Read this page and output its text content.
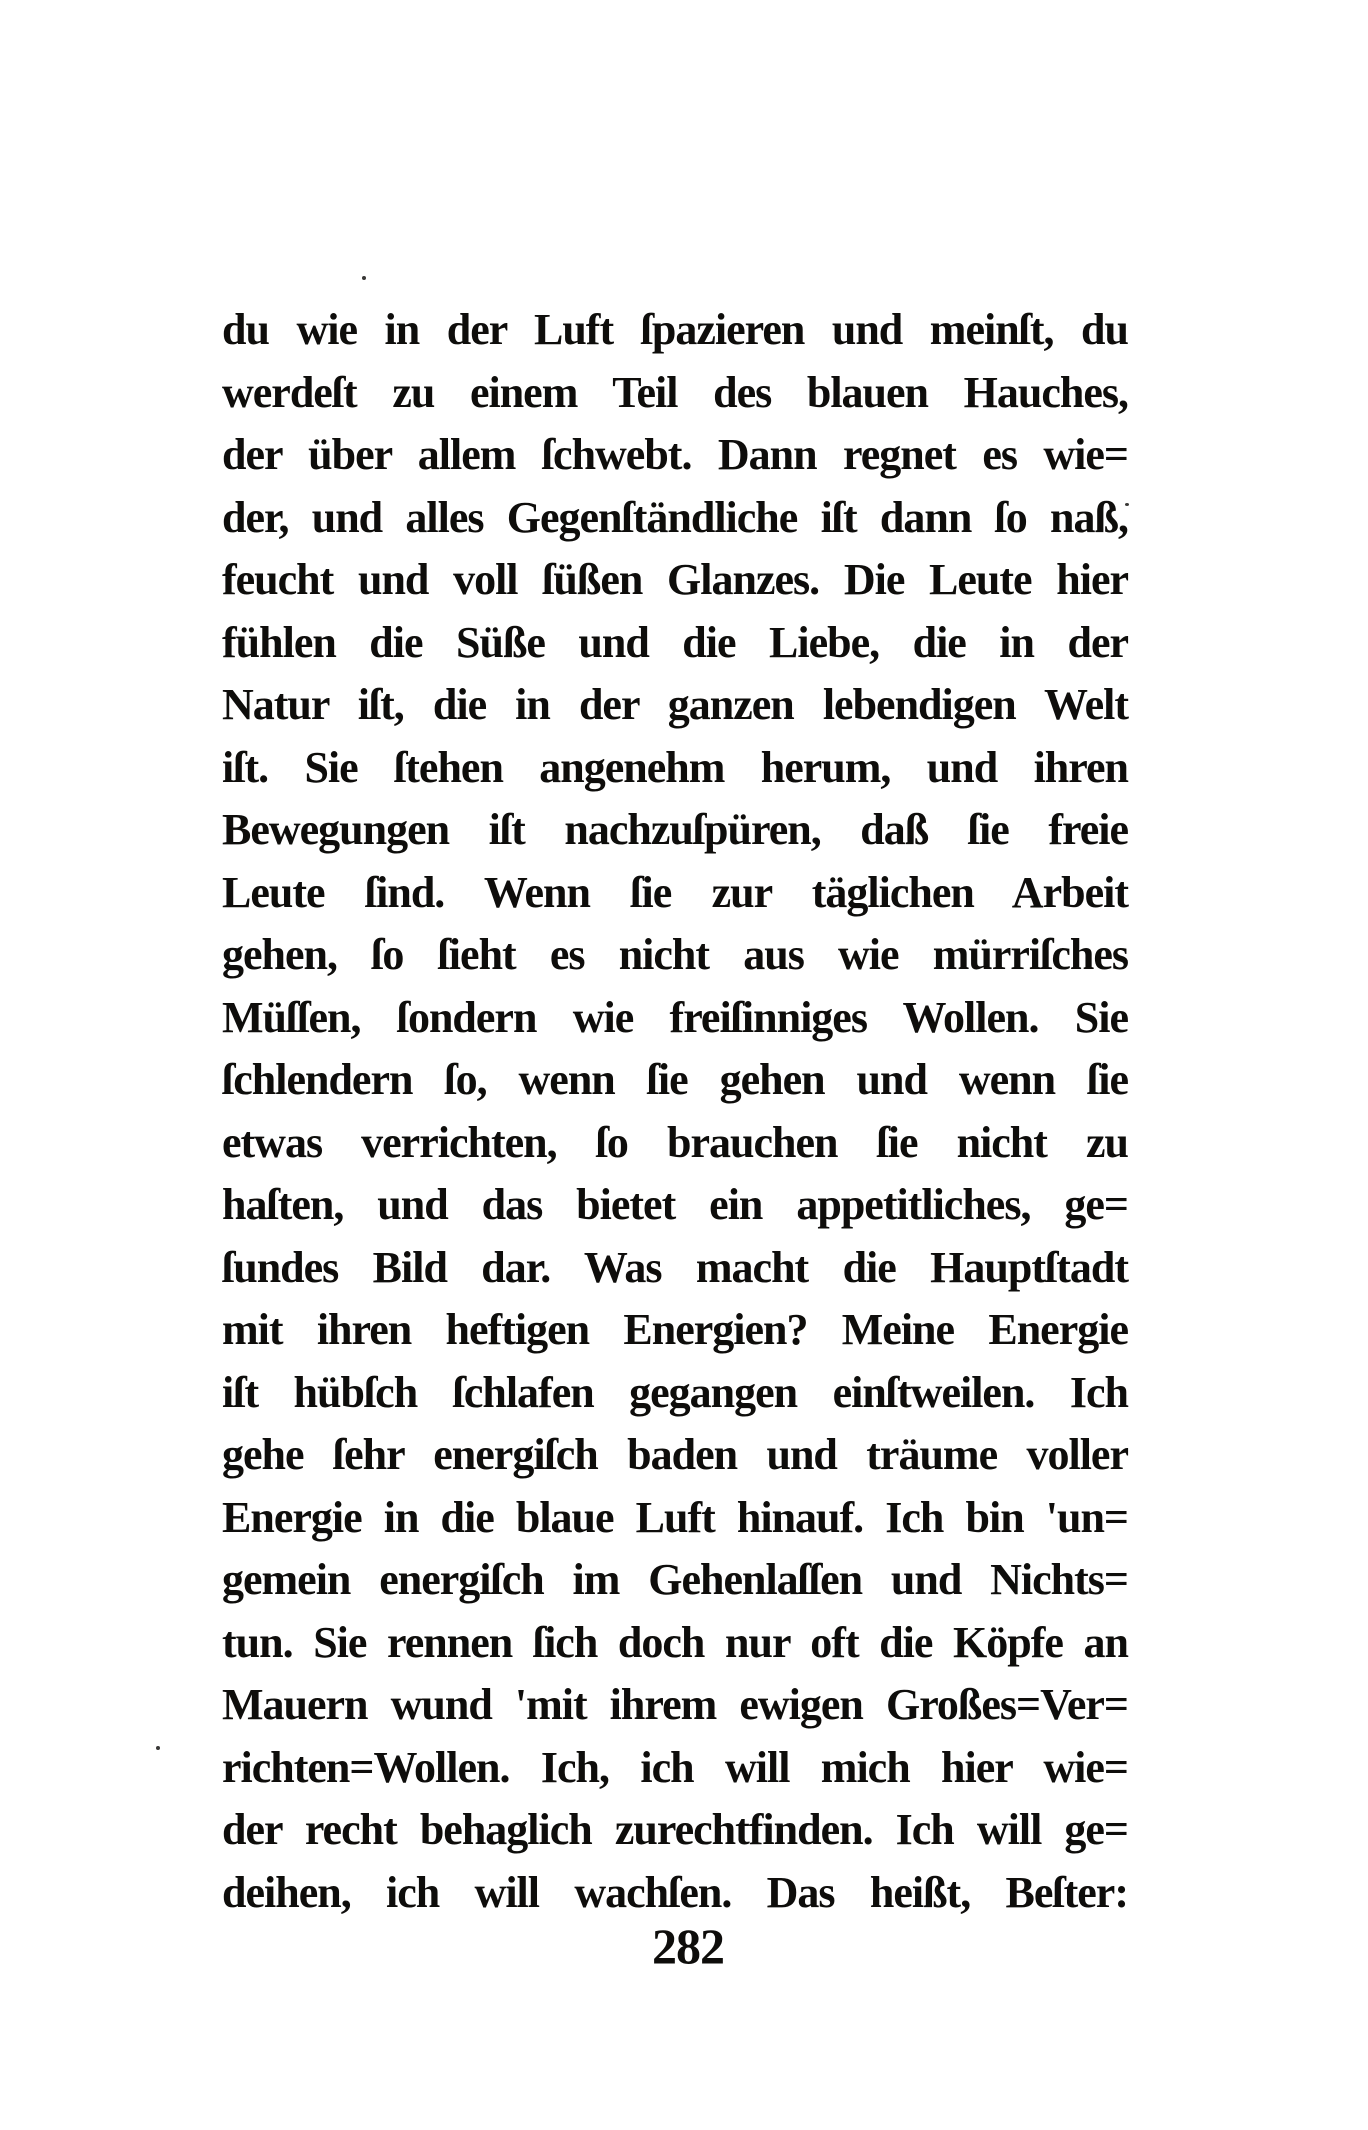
du wie in der Luft ſpazieren und meinſt, du

werdeſt zu einem Teil des blauen Hauches,

der über allem ſchwebt. Dann regnet es wie=

der, und alles Gegenſtändliche iſt dann ſo naß,

feucht und voll ſüßen Glanzes. Die Leute hier

fühlen die Süße und die Liebe, die in der

Natur iſt, die in der ganzen lebendigen Welt

iſt. Sie ſtehen angenehm herum, und ihren

Bewegungen iſt nachzuſpüren, daß ſie freie

Leute ſind. Wenn ſie zur täglichen Arbeit

gehen, ſo ſieht es nicht aus wie mürriſches

Müſſen, ſondern wie freiſinniges Wollen. Sie

ſchlendern ſo, wenn ſie gehen und wenn ſie

etwas verrichten, ſo brauchen ſie nicht zu

haſten, und das bietet ein appetitliches, ge=

ſundes Bild dar. Was macht die Hauptſtadt

mit ihren heftigen Energien? Meine Energie

iſt hübſch ſchlafen gegangen einſtweilen. Ich

gehe ſehr energiſch baden und träume voller

Energie in die blaue Luft hinauf. Ich bin 'un=

gemein energiſch im Gehenlaſſen und Nichts=

tun. Sie rennen ſich doch nur oft die Köpfe an

Mauern wund 'mit ihrem ewigen Großes=Ver=

richten=Wollen. Ich, ich will mich hier wie=

der recht behaglich zurechtfinden. Ich will ge=

deihen, ich will wachſen. Das heißt, Beſter:

282
